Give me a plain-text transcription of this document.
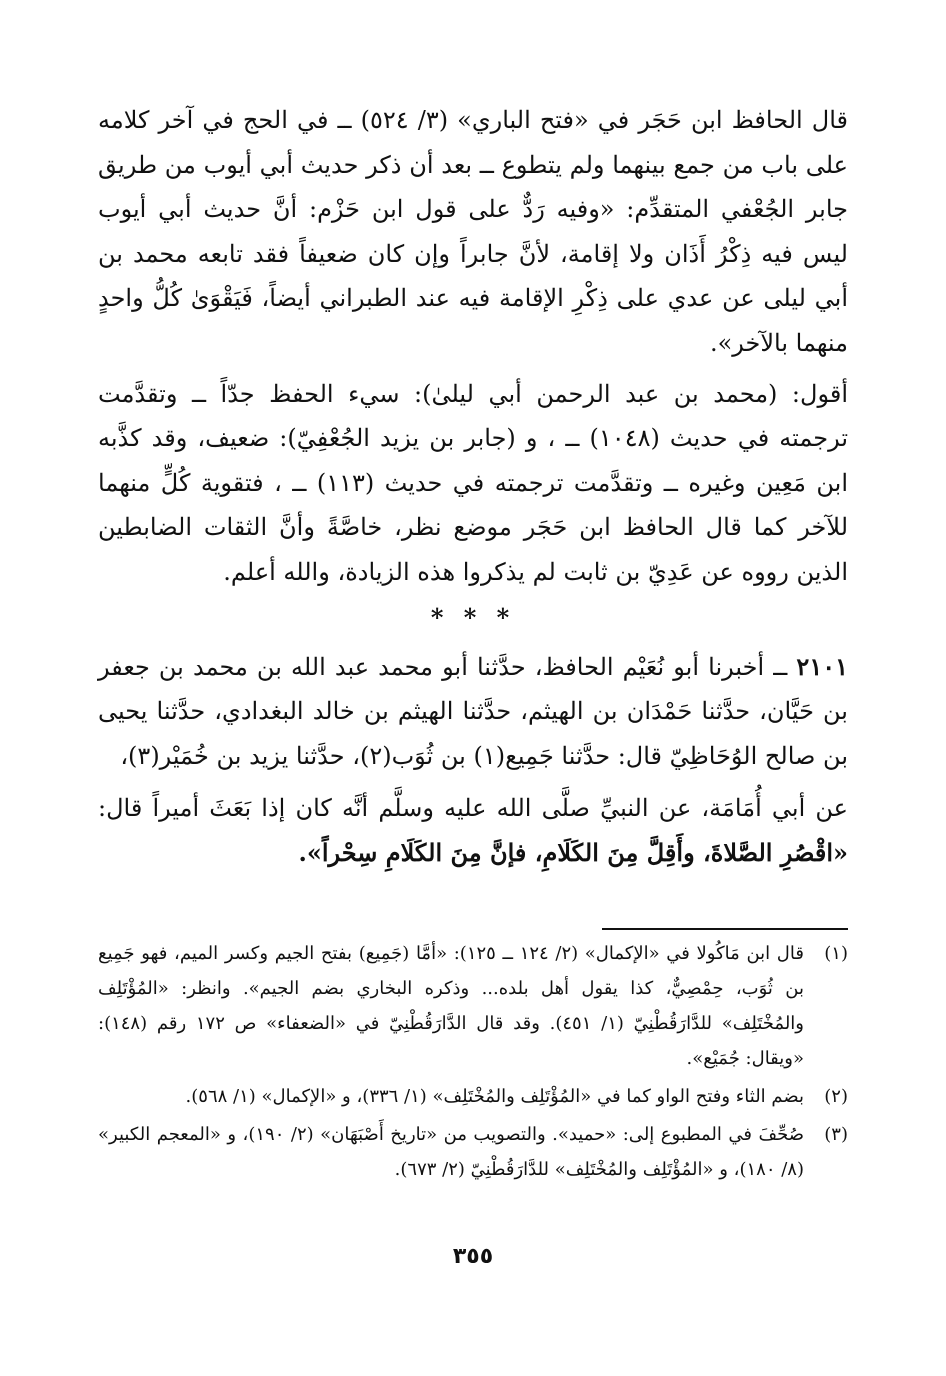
قال الحافظ ابن حَجَر في «فتح الباري» (٣/ ٥٢٤) ــ في الحج في آخر كلامه على باب من جمع بينهما ولم يتطوع ــ بعد أن ذكر حديث أبي أيوب من طريق جابر الجُعْفي المتقدِّم: «وفيه رَدٌّ على قول ابن حَزْم: أنَّ حديث أبي أيوب ليس فيه ذِكْرُ أَذَان ولا إقامة، لأنَّ جابراً وإن كان ضعيفاً فقد تابعه محمد بن أبي ليلى عن عدي على ذِكْرِ الإقامة فيه عند الطبراني أيضاً، فَيَقْوَىٰ كُلُّ واحدٍ منهما بالآخر».

أقول: (محمد بن عبد الرحمن أبي ليلىٰ): سيء الحفظ جدّاً ــ وتقدَّمت ترجمته في حديث (١٠٤٨) ــ ، و (جابر بن يزيد الجُعْفِيّ): ضعيف، وقد كذَّبه ابن مَعِين وغيره ــ وتقدَّمت ترجمته في حديث (١١٣) ــ ، فتقوية كُلٍّ منهما للآخر كما قال الحافظ ابن حَجَر موضع نظر، خاصَّةً وأنَّ الثقات الضابطين الذين رووه عن عَدِيّ بن ثابت لم يذكروا هذه الزيادة، والله أعلم.

* * *

٢١٠١ ــ أخبرنا أبو نُعَيْم الحافظ، حدَّثنا أبو محمد عبد الله بن محمد بن جعفر بن حَيَّان، حدَّثنا حَمْدَان بن الهيثم، حدَّثنا الهيثم بن خالد البغدادي، حدَّثنا يحيى بن صالح الوُحَاظِيّ قال: حدَّثنا جَمِيع(١) بن ثُوَب(٢)، حدَّثنا يزيد بن خُمَيْر(٣)،

عن أبي أُمَامَة، عن النبيِّ صلَّى الله عليه وسلَّم أنَّه كان إذا بَعَثَ أميراً قال: «اقْصُرِ الصَّلاةَ، وأَقِلَّ مِنَ الكَلَامِ، فإنَّ مِنَ الكَلَامِ سِحْراً».

(١)
قال ابن مَاكُولا في «الإكمال» (٢/ ١٢٤ ــ ١٢٥): «أمَّا (جَمِيع) بفتح الجيم وكسر الميم، فهو جَمِيع بن ثُوَب، حِمْصِيٌّ، كذا يقول أهل بلده... وذكره البخاري بضم الجيم». وانظر: «المُؤْتَلِف والمُخْتَلِف» للدَّارَقُطْنِيّ (١/ ٤٥١). وقد قال الدَّارَقُطْنِيّ في «الضعفاء» ص ١٧٢ رقم (١٤٨): «ويقال: جُمَيْع».
(٢)
بضم الثاء وفتح الواو كما في «المُؤْتَلِف والمُخْتَلِف» (١/ ٣٣٦)، و «الإكمال» (١/ ٥٦٨).
(٣)
صُحِّفَ في المطبوع إلى: «حميد». والتصويب من «تاريخ أَصْبَهَان» (٢/ ١٩٠)، و «المعجم الكبير» (٨/ ١٨٠)، و «المُؤْتَلِف والمُخْتَلِف» للدَّارَقُطْنِيّ (٢/ ٦٧٣).
٣٥٥
